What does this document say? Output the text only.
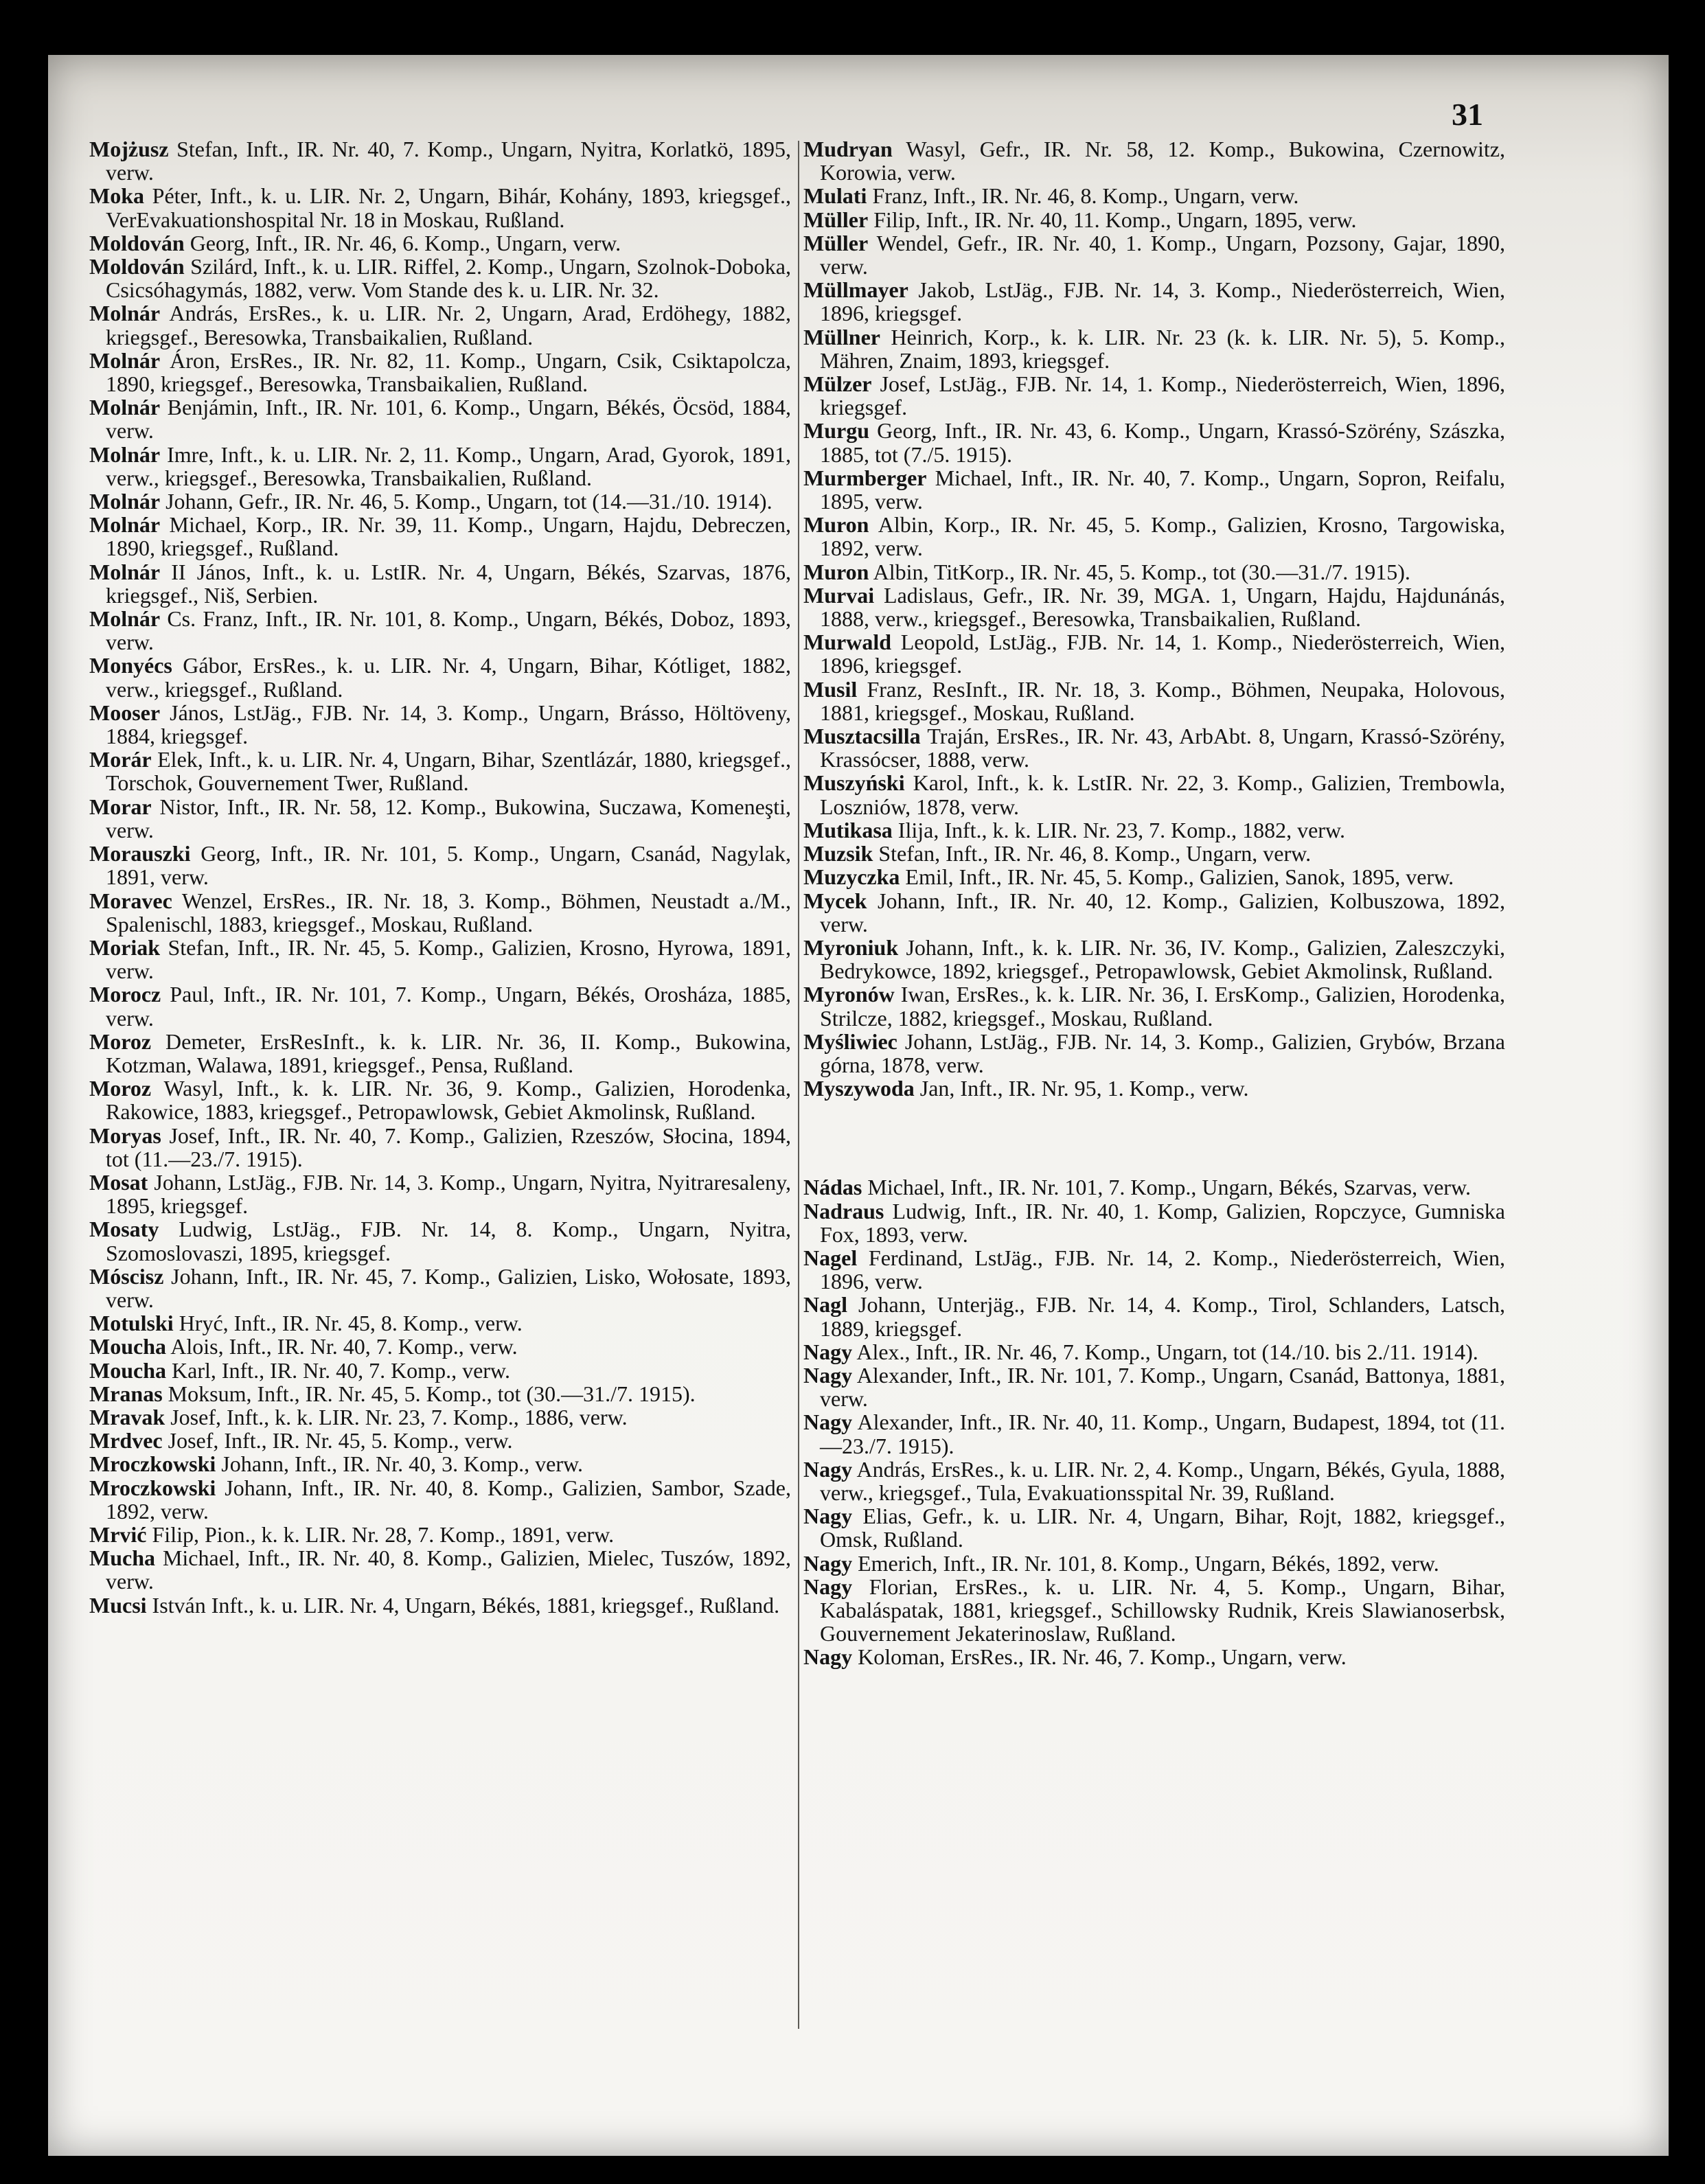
31

Mojżusz Stefan, Inft., IR. Nr. 40, 7. Komp., Ungarn, Nyitra, Korlatkö, 1895, verw.

Moka Péter, Inft., k. u. LIR. Nr. 2, Ungarn, Bihár, Kohány, 1893, kriegsgef., VerEvakuationshospital Nr. 18 in Moskau, Rußland.

Moldován Georg, Inft., IR. Nr. 46, 6. Komp., Ungarn, verw.

Moldován Szilárd, Inft., k. u. LIR. Riffel, 2. Komp., Ungarn, Szolnok-Doboka, Csicsóhagymás, 1882, verw. Vom Stande des k. u. LIR. Nr. 32.

Molnár András, ErsRes., k. u. LIR. Nr. 2, Ungarn, Arad, Erdöhegy, 1882, kriegsgef., Beresowka, Transbaikalien, Rußland.

Molnár Áron, ErsRes., IR. Nr. 82, 11. Komp., Ungarn, Csik, Csiktapolcza, 1890, kriegsgef., Beresowka, Transbaikalien, Rußland.

Molnár Benjámin, Inft., IR. Nr. 101, 6. Komp., Ungarn, Békés, Öcsöd, 1884, verw.

Molnár Imre, Inft., k. u. LIR. Nr. 2, 11. Komp., Ungarn, Arad, Gyorok, 1891, verw., kriegsgef., Beresowka, Transbaikalien, Rußland.

Molnár Johann, Gefr., IR. Nr. 46, 5. Komp., Ungarn, tot (14.—31./10. 1914).

Molnár Michael, Korp., IR. Nr. 39, 11. Komp., Ungarn, Hajdu, Debreczen, 1890, kriegsgef., Rußland.

Molnár II János, Inft., k. u. LstIR. Nr. 4, Ungarn, Békés, Szarvas, 1876, kriegsgef., Niš, Serbien.

Molnár Cs. Franz, Inft., IR. Nr. 101, 8. Komp., Ungarn, Békés, Doboz, 1893, verw.

Monyécs Gábor, ErsRes., k. u. LIR. Nr. 4, Ungarn, Bihar, Kótliget, 1882, verw., kriegsgef., Rußland.

Mooser János, LstJäg., FJB. Nr. 14, 3. Komp., Ungarn, Brásso, Höltöveny, 1884, kriegsgef.

Morár Elek, Inft., k. u. LIR. Nr. 4, Ungarn, Bihar, Szentlázár, 1880, kriegsgef., Torschok, Gouvernement Twer, Rußland.

Morar Nistor, Inft., IR. Nr. 58, 12. Komp., Bukowina, Suczawa, Komeneşti, verw.

Morauszki Georg, Inft., IR. Nr. 101, 5. Komp., Ungarn, Csanád, Nagylak, 1891, verw.

Moravec Wenzel, ErsRes., IR. Nr. 18, 3. Komp., Böhmen, Neustadt a./M., Spalenischl, 1883, kriegsgef., Moskau, Rußland.

Moriak Stefan, Inft., IR. Nr. 45, 5. Komp., Galizien, Krosno, Hyrowa, 1891, verw.

Morocz Paul, Inft., IR. Nr. 101, 7. Komp., Ungarn, Békés, Orosháza, 1885, verw.

Moroz Demeter, ErsResInft., k. k. LIR. Nr. 36, II. Komp., Bukowina, Kotzman, Walawa, 1891, kriegsgef., Pensa, Rußland.

Moroz Wasyl, Inft., k. k. LIR. Nr. 36, 9. Komp., Galizien, Horodenka, Rakowice, 1883, kriegsgef., Petropawlowsk, Gebiet Akmolinsk, Rußland.

Moryas Josef, Inft., IR. Nr. 40, 7. Komp., Galizien, Rzeszów, Słocina, 1894, tot (11.—23./7. 1915).

Mosat Johann, LstJäg., FJB. Nr. 14, 3. Komp., Ungarn, Nyitra, Nyitraresaleny, 1895, kriegsgef.

Mosaty Ludwig, LstJäg., FJB. Nr. 14, 8. Komp., Ungarn, Nyitra, Szomoslovaszi, 1895, kriegsgef.

Móscisz Johann, Inft., IR. Nr. 45, 7. Komp., Galizien, Lisko, Wołosate, 1893, verw.

Motulski Hryć, Inft., IR. Nr. 45, 8. Komp., verw.

Moucha Alois, Inft., IR. Nr. 40, 7. Komp., verw.

Moucha Karl, Inft., IR. Nr. 40, 7. Komp., verw.

Mranas Moksum, Inft., IR. Nr. 45, 5. Komp., tot (30.—31./7. 1915).

Mravak Josef, Inft., k. k. LIR. Nr. 23, 7. Komp., 1886, verw.

Mrdvec Josef, Inft., IR. Nr. 45, 5. Komp., verw.

Mroczkowski Johann, Inft., IR. Nr. 40, 3. Komp., verw.

Mroczkowski Johann, Inft., IR. Nr. 40, 8. Komp., Galizien, Sambor, Szade, 1892, verw.

Mrvić Filip, Pion., k. k. LIR. Nr. 28, 7. Komp., 1891, verw.

Mucha Michael, Inft., IR. Nr. 40, 8. Komp., Galizien, Mielec, Tuszów, 1892, verw.

Mucsi István Inft., k. u. LIR. Nr. 4, Ungarn, Békés, 1881, kriegsgef., Rußland.

Mudryan Wasyl, Gefr., IR. Nr. 58, 12. Komp., Bukowina, Czernowitz, Korowia, verw.

Mulati Franz, Inft., IR. Nr. 46, 8. Komp., Ungarn, verw.

Müller Filip, Inft., IR. Nr. 40, 11. Komp., Ungarn, 1895, verw.

Müller Wendel, Gefr., IR. Nr. 40, 1. Komp., Ungarn, Pozsony, Gajar, 1890, verw.

Müllmayer Jakob, LstJäg., FJB. Nr. 14, 3. Komp., Niederösterreich, Wien, 1896, kriegsgef.

Müllner Heinrich, Korp., k. k. LIR. Nr. 23 (k. k. LIR. Nr. 5), 5. Komp., Mähren, Znaim, 1893, kriegsgef.

Mülzer Josef, LstJäg., FJB. Nr. 14, 1. Komp., Niederösterreich, Wien, 1896, kriegsgef.

Murgu Georg, Inft., IR. Nr. 43, 6. Komp., Ungarn, Krassó-Szörény, Szászka, 1885, tot (7./5. 1915).

Murmberger Michael, Inft., IR. Nr. 40, 7. Komp., Ungarn, Sopron, Reifalu, 1895, verw.

Muron Albin, Korp., IR. Nr. 45, 5. Komp., Galizien, Krosno, Targowiska, 1892, verw.

Muron Albin, TitKorp., IR. Nr. 45, 5. Komp., tot (30.—31./7. 1915).

Murvai Ladislaus, Gefr., IR. Nr. 39, MGA. 1, Ungarn, Hajdu, Hajdunánás, 1888, verw., kriegsgef., Beresowka, Transbaikalien, Rußland.

Murwald Leopold, LstJäg., FJB. Nr. 14, 1. Komp., Niederösterreich, Wien, 1896, kriegsgef.

Musil Franz, ResInft., IR. Nr. 18, 3. Komp., Böhmen, Neupaka, Holovous, 1881, kriegsgef., Moskau, Rußland.

Musztacsilla Traján, ErsRes., IR. Nr. 43, ArbAbt. 8, Ungarn, Krassó-Szörény, Krassócser, 1888, verw.

Muszyński Karol, Inft., k. k. LstIR. Nr. 22, 3. Komp., Galizien, Trembowla, Loszniów, 1878, verw.

Mutikasa Ilija, Inft., k. k. LIR. Nr. 23, 7. Komp., 1882, verw.

Muzsik Stefan, Inft., IR. Nr. 46, 8. Komp., Ungarn, verw.

Muzyczka Emil, Inft., IR. Nr. 45, 5. Komp., Galizien, Sanok, 1895, verw.

Mycek Johann, Inft., IR. Nr. 40, 12. Komp., Galizien, Kolbuszowa, 1892, verw.

Myroniuk Johann, Inft., k. k. LIR. Nr. 36, IV. Komp., Galizien, Zaleszczyki, Bedrykowce, 1892, kriegsgef., Petropawlowsk, Gebiet Akmolinsk, Rußland.

Myronów Iwan, ErsRes., k. k. LIR. Nr. 36, I. ErsKomp., Galizien, Horodenka, Strilcze, 1882, kriegsgef., Moskau, Rußland.

Myśliwiec Johann, LstJäg., FJB. Nr. 14, 3. Komp., Galizien, Grybów, Brzana górna, 1878, verw.

Myszywoda Jan, Inft., IR. Nr. 95, 1. Komp., verw.

Nádas Michael, Inft., IR. Nr. 101, 7. Komp., Ungarn, Békés, Szarvas, verw.

Nadraus Ludwig, Inft., IR. Nr. 40, 1. Komp, Galizien, Ropczyce, Gumniska Fox, 1893, verw.

Nagel Ferdinand, LstJäg., FJB. Nr. 14, 2. Komp., Niederösterreich, Wien, 1896, verw.

Nagl Johann, Unterjäg., FJB. Nr. 14, 4. Komp., Tirol, Schlanders, Latsch, 1889, kriegsgef.

Nagy Alex., Inft., IR. Nr. 46, 7. Komp., Ungarn, tot (14./10. bis 2./11. 1914).

Nagy Alexander, Inft., IR. Nr. 101, 7. Komp., Ungarn, Csanád, Battonya, 1881, verw.

Nagy Alexander, Inft., IR. Nr. 40, 11. Komp., Ungarn, Budapest, 1894, tot (11.—23./7. 1915).

Nagy András, ErsRes., k. u. LIR. Nr. 2, 4. Komp., Ungarn, Békés, Gyula, 1888, verw., kriegsgef., Tula, Evakuationsspital Nr. 39, Rußland.

Nagy Elias, Gefr., k. u. LIR. Nr. 4, Ungarn, Bihar, Rojt, 1882, kriegsgef., Omsk, Rußland.

Nagy Emerich, Inft., IR. Nr. 101, 8. Komp., Ungarn, Békés, 1892, verw.

Nagy Florian, ErsRes., k. u. LIR. Nr. 4, 5. Komp., Ungarn, Bihar, Kabaláspatak, 1881, kriegsgef., Schillowsky Rudnik, Kreis Slawianoserbsk, Gouvernement Jekaterinoslaw, Rußland.

Nagy Koloman, ErsRes., IR. Nr. 46, 7. Komp., Ungarn, verw.
